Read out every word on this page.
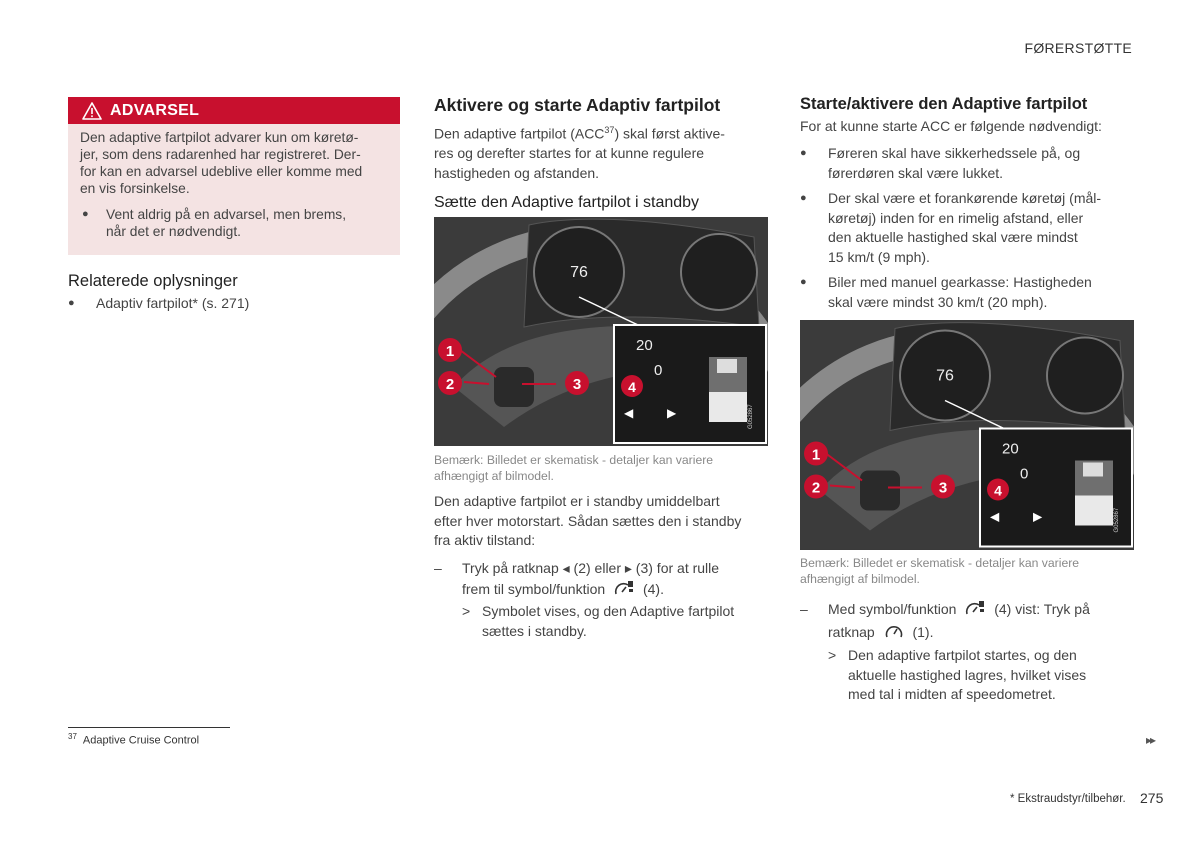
FØRERSTØTTE
ADVARSEL

Den adaptive fartpilot advarer kun om køretø-
jer, som dens radarenhed har registreret. Der-
for kan en advarsel udeblive eller komme med
en vis forsinkelse.

●	Vent aldrig på en advarsel, men brems,
når det er nødvendigt.
Relaterede oplysninger
●	Adaptiv fartpilot* (s. 271)
$^{37}$ Adaptive Cruise Control
Aktivere og starte Adaptiv fartpilot
Den adaptive fartpilot (ACC$^{37}$) skal først aktive-
res og derefter startes for at kunne regulere
hastigheden og afstanden.
Sætte den Adaptive fartpilot i standby
76
1
2	3
20
0
◀	▶
4
G052867
Bemærk: Billedet er skematisk - detaljer kan variere
afhængigt af bilmodel.
Den adaptive fartpilot er i standby umiddelbart
efter hver motorstart. Sådan sættes den i standby
fra aktiv tilstand:
–	Tryk på ratknap ◂ (2) eller ▸ (3) for at rulle
frem til symbol/funktion	(4).
> Symbolet vises, og den Adaptive fartpilot
sættes i standby.
Starte/aktivere den Adaptive fartpilot
For at kunne starte ACC er følgende nødvendigt:
●	Føreren skal have sikkerhedssele på, og
førerdøren skal være lukket.
●	Der skal være et forankørende køretøj (mål-
køretøj) inden for en rimelig afstand, eller
den aktuelle hastighed skal være mindst
15 km/t (9 mph).
●	Biler med manuel gearkasse: Hastigheden
skal være mindst 30 km/t (20 mph).
76
1
2	3
20
0
◀	▶
4
G052867
Bemærk: Billedet er skematisk - detaljer kan variere
afhængigt af bilmodel.
–	Med symbol/funktion	(4) vist: Tryk på
ratknap	(1).
> Den adaptive fartpilot startes, og den
aktuelle hastighed lagres, hvilket vises
med tal i midten af speedometret.
▸▸
* Ekstraudstyr/tilbehør. 275
